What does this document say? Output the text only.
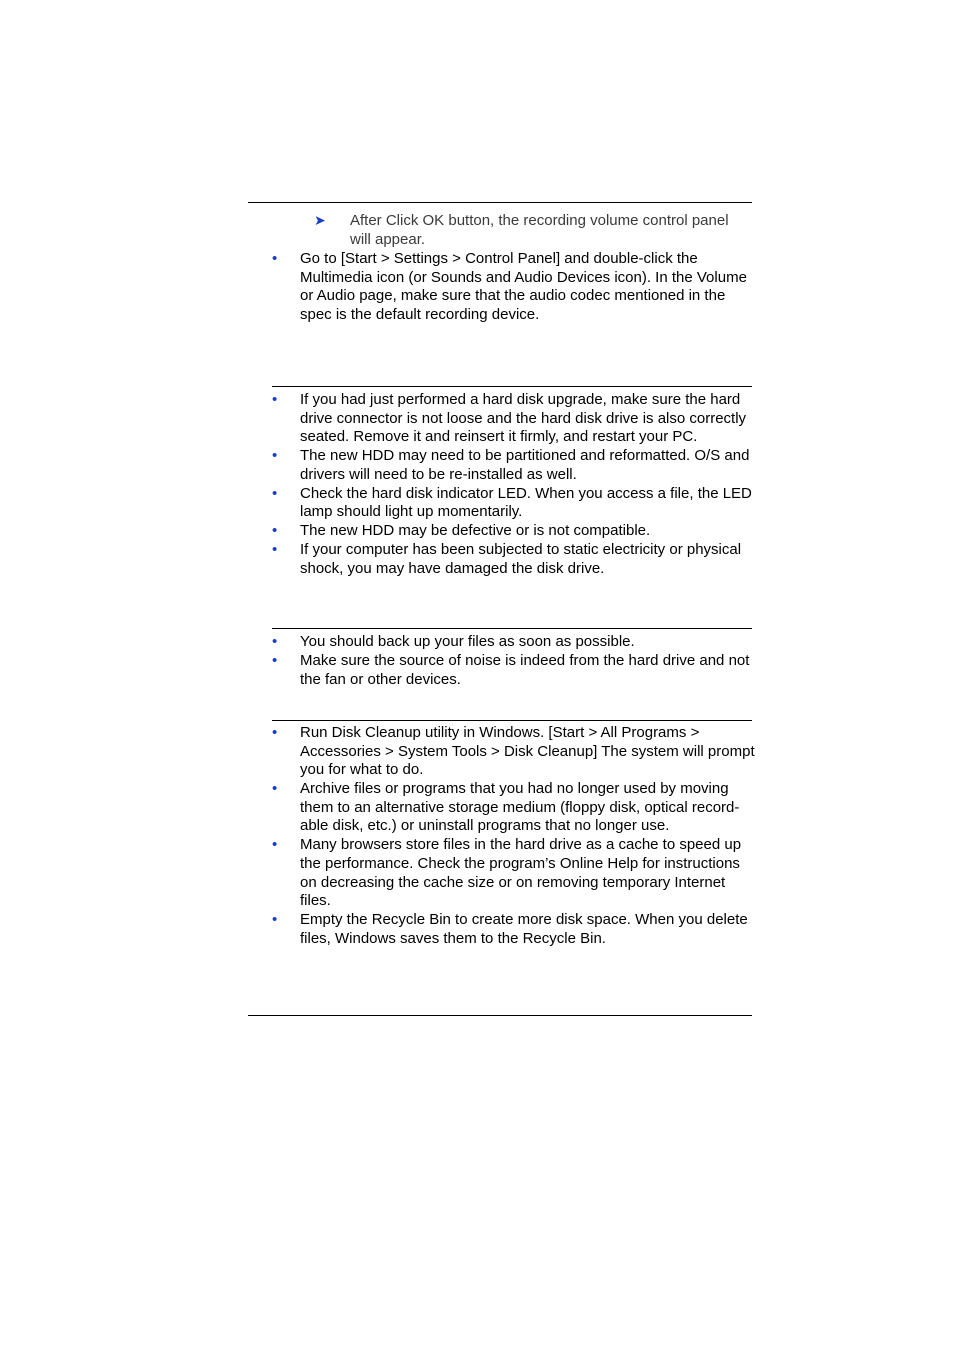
➤ After Click OK button, the recording volume control panel will appear.
• Go to [Start > Settings > Control Panel] and double-click the Multimedia icon (or Sounds and Audio Devices icon). In the Volume or Audio page, make sure that the audio codec mentioned in the spec is the default recording device.
• If you had just performed a hard disk upgrade, make sure the hard drive connector is not loose and the hard disk drive is also correctly seated. Remove it and reinsert it firmly, and restart your PC.
• The new HDD may need to be partitioned and reformatted. O/S and drivers will need to be re-installed as well.
• Check the hard disk indicator LED. When you access a file, the LED lamp should light up momentarily.
• The new HDD may be defective or is not compatible.
• If your computer has been subjected to static electricity or physical shock, you may have damaged the disk drive.
• You should back up your files as soon as possible.
• Make sure the source of noise is indeed from the hard drive and not the fan or other devices.
• Run Disk Cleanup utility in Windows. [Start > All Programs > Accessories > System Tools > Disk Cleanup] The system will prompt you for what to do.
• Archive files or programs that you had no longer used by moving them to an alternative storage medium (floppy disk, optical record-able disk, etc.) or uninstall programs that no longer use.
• Many browsers store files in the hard drive as a cache to speed up the performance. Check the program’s Online Help for instructions on decreasing the cache size or on removing temporary Internet files.
• Empty the Recycle Bin to create more disk space. When you delete files, Windows saves them to the Recycle Bin.
